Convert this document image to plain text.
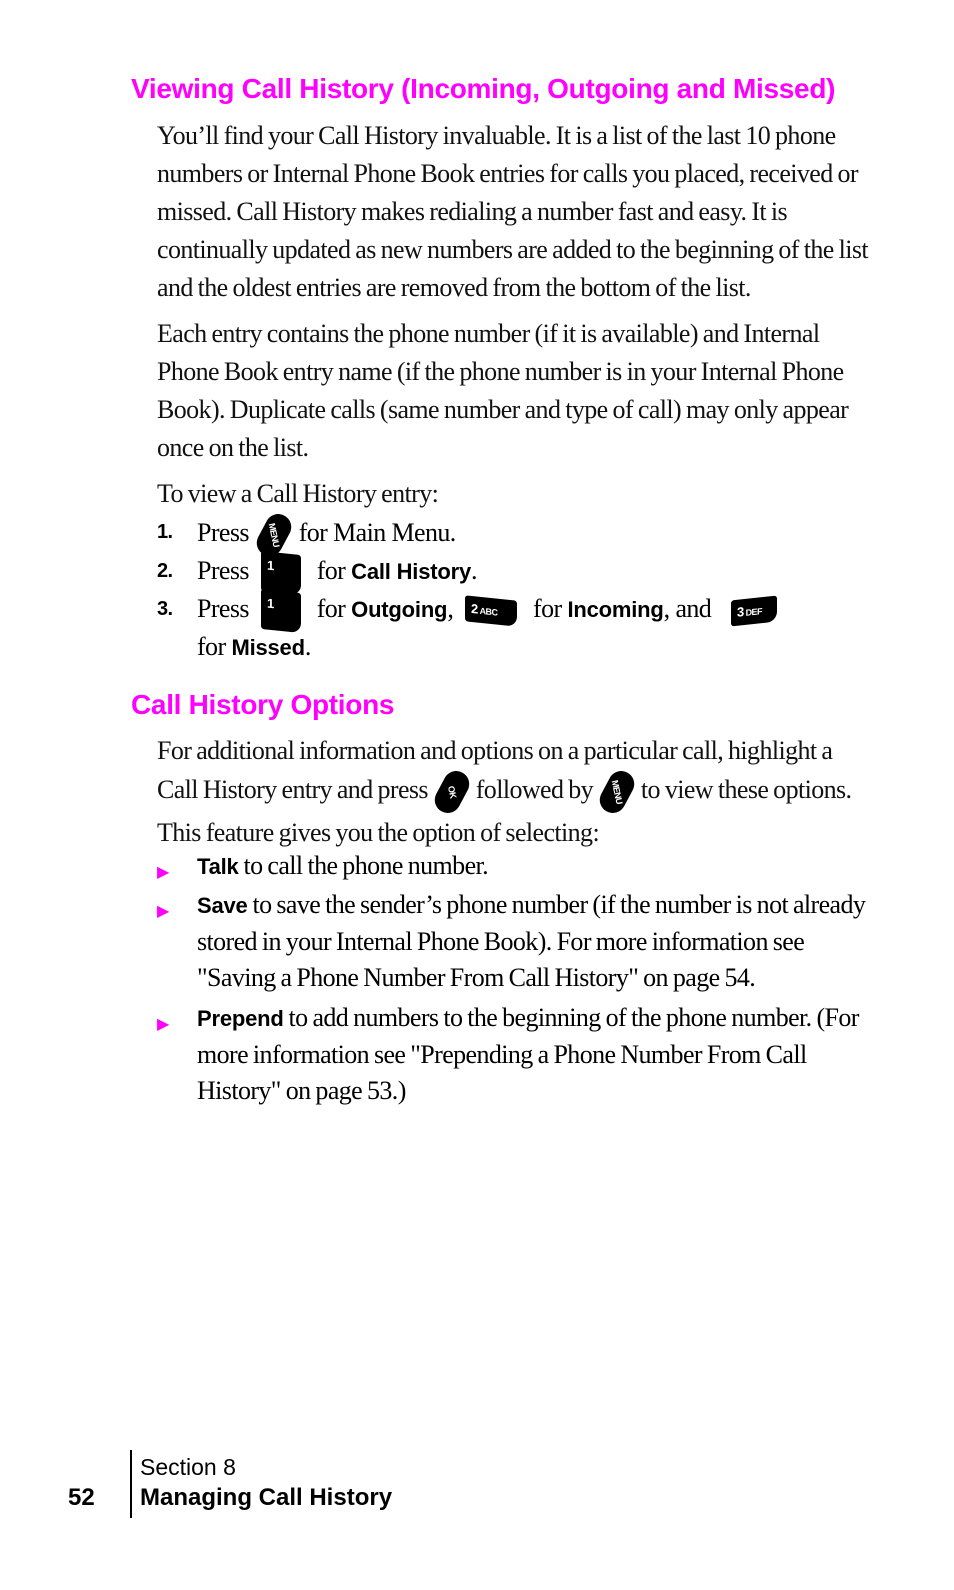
Viewing Call History (Incoming, Outgoing and Missed)

You’ll find your Call History invaluable. It is a list of the last 10 phone numbers or Internal Phone Book entries for calls you placed, received or missed. Call History makes redialing a number fast and easy. It is continually updated as new numbers are added to the beginning of the list and the oldest entries are removed from the bottom of the list.

Each entry contains the phone number (if it is available) and Internal Phone Book entry name (if the phone number is in your Internal Phone Book). Duplicate calls (same number and type of call) may only appear once on the list.

To view a Call History entry:

1. Press	MENU for Main Menu.
2. Press 1 for Call History.
3. Press 1 for Outgoing, 2 ABC for Incoming, and 3 DEF
for Missed.
Call History Options

For additional information and options on a particular call, highlight a Call History entry and press	OK followed by	MENU to view these options. This feature gives you the option of selecting:

▶ Talk to call the phone number.
▶ Save to save the sender’s phone number (if the number is not already stored in your Internal Phone Book). For more information see "Saving a Phone Number From Call History" on page 54.
▶ Prepend to add numbers to the beginning of the phone number. (For more information see "Prepending a Phone Number From Call History" on page 53.)
52
Section 8
Managing Call History
